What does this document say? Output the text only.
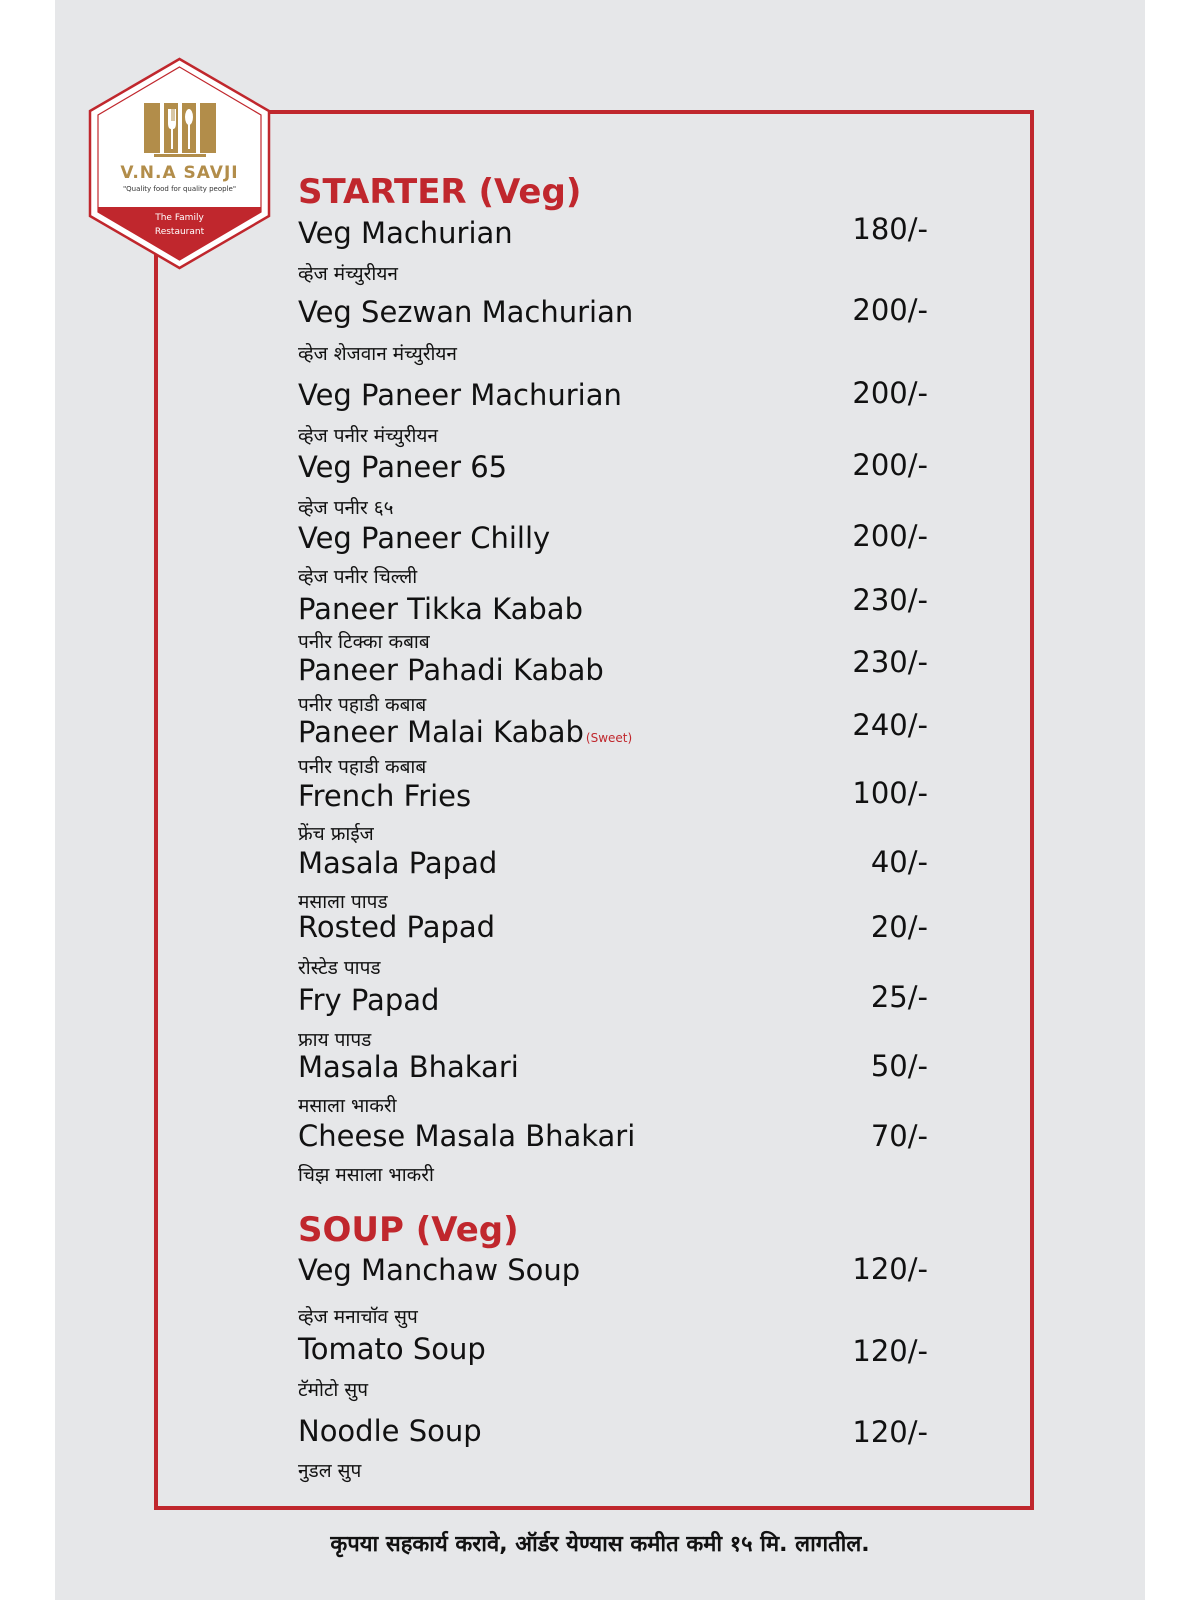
V.N.A SAVJI
"Quality food for quality people"
The Family
Restaurant
STARTER (Veg)
Veg Machurian	180/-
व्हेज मंच्युरीयन
Veg Sezwan Machurian	200/-
व्हेज शेजवान मंच्युरीयन
Veg Paneer Machurian	200/-
व्हेज पनीर मंच्युरीयन
Veg Paneer 65	200/-
व्हेज पनीर ६५
Veg Paneer Chilly	200/-
व्हेज पनीर चिल्ली
Paneer Tikka Kabab	230/-
पनीर टिक्का कबाब
Paneer Pahadi Kabab	230/-
पनीर पहाडी कबाब
Paneer Malai Kabab (Sweet)	240/-
पनीर पहाडी कबाब
French Fries	100/-
फ्रेंच फ्राईज
Masala Papad	40/-
मसाला पापड
Rosted Papad	20/-
रोस्टेड पापड
Fry Papad	25/-
फ्राय पापड
Masala Bhakari	50/-
मसाला भाकरी
Cheese Masala Bhakari	70/-
चिझ मसाला भाकरी
SOUP (Veg)
Veg Manchaw Soup	120/-
व्हेज मनाचॉव सुप
Tomato Soup	120/-
टॅमोटो सुप
Noodle Soup	120/-
नुडल सुप
कृपया सहकार्य करावे, ऑर्डर येण्यास कमीत कमी १५ मि. लागतील.
